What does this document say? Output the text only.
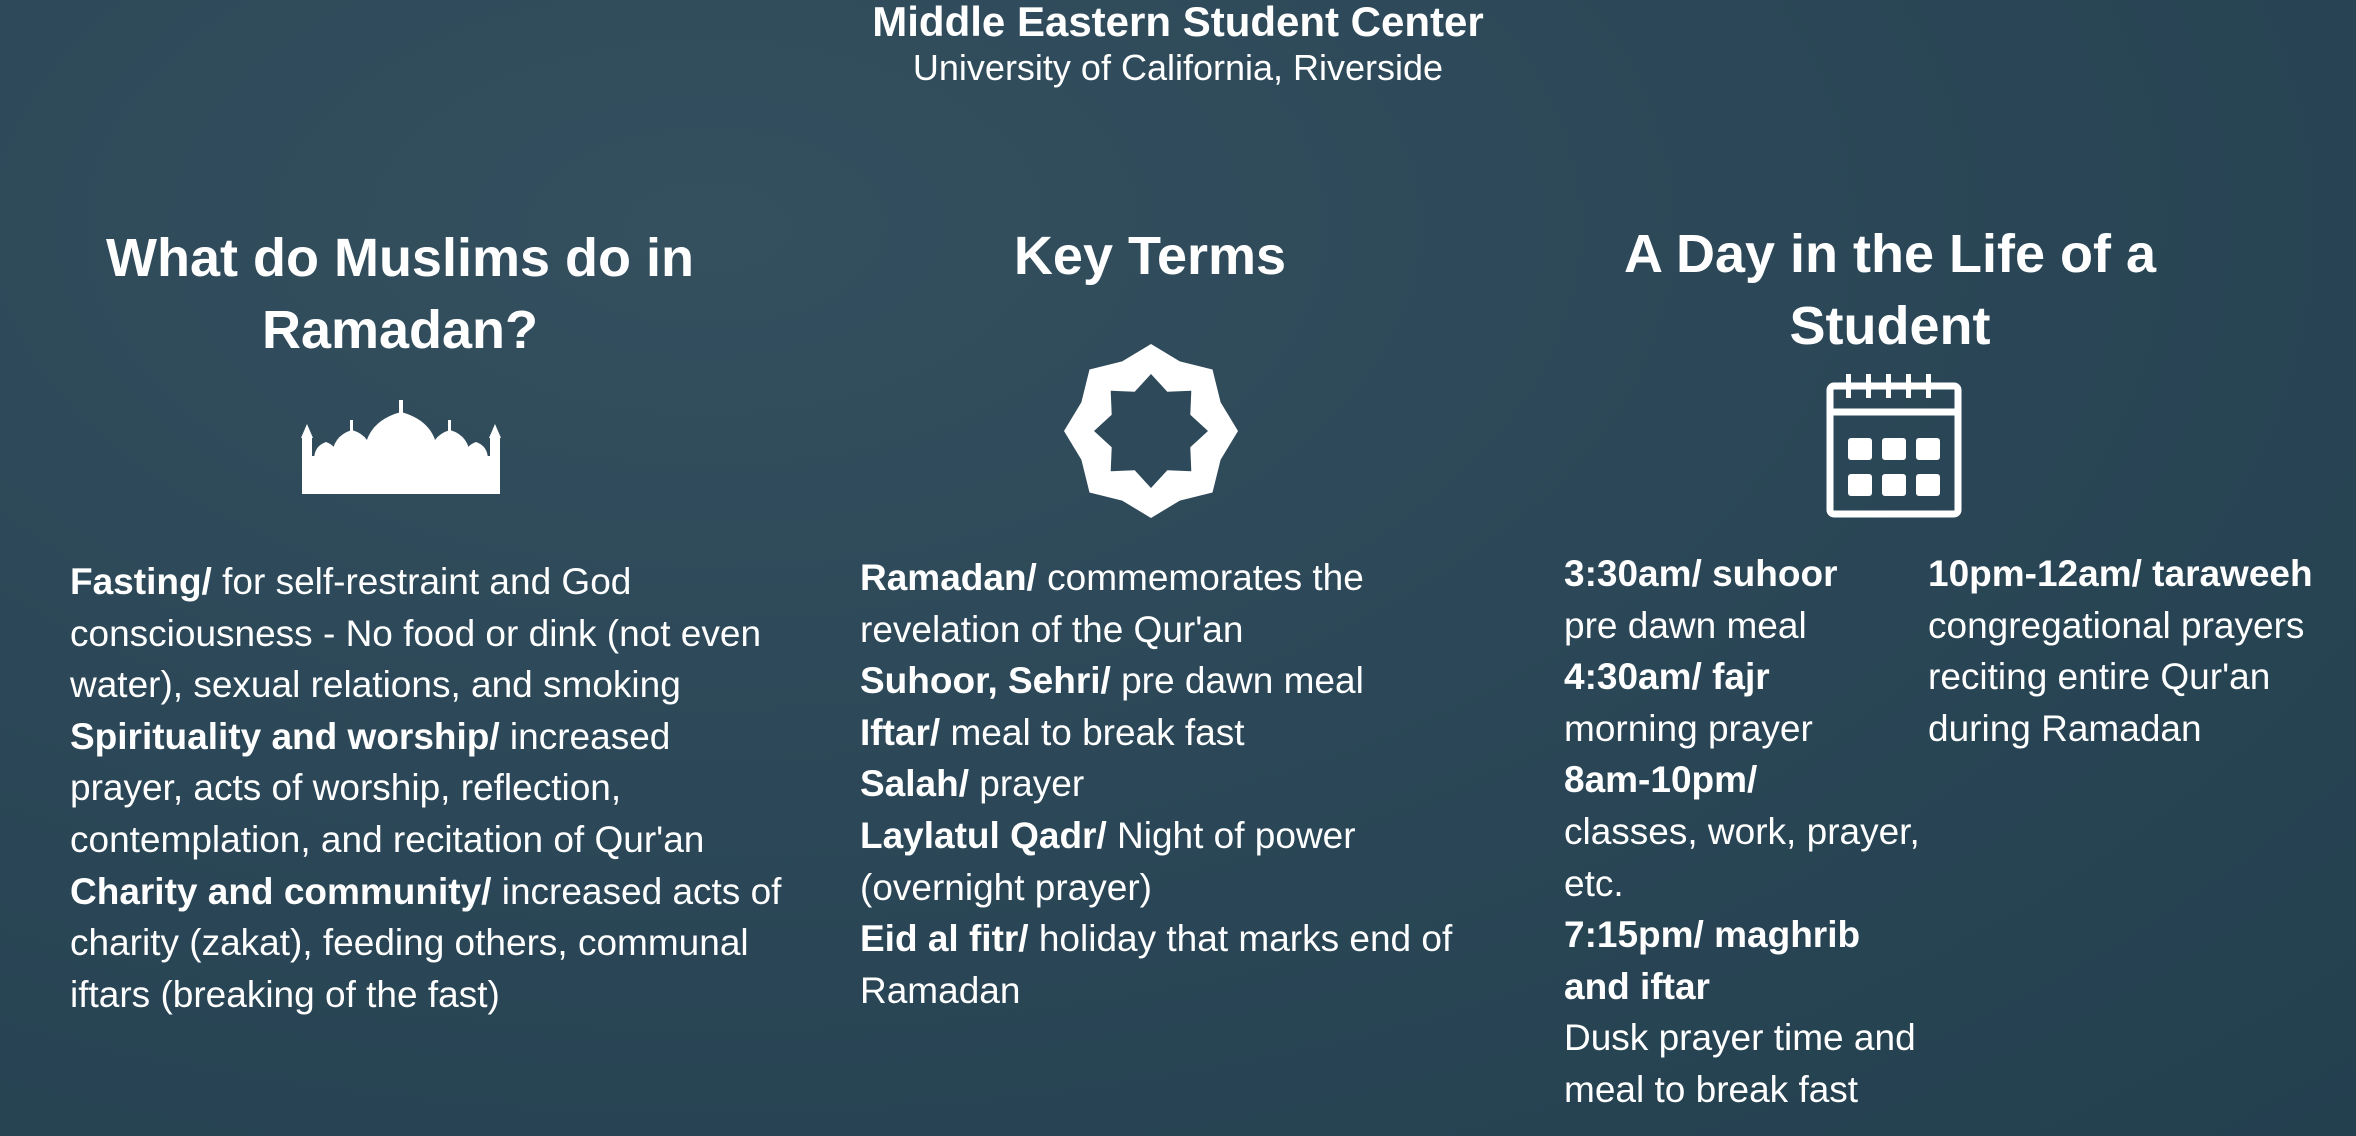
Middle Eastern Student Center
University of California, Riverside
What do Muslims do in Ramadan?
Fasting/ for self-restraint and God consciousness - No food or dink (not even water), sexual relations, and smoking
Spirituality and worship/ increased prayer, acts of worship, reflection, contemplation, and recitation of Qur'an
Charity and community/ increased acts of charity (zakat), feeding others, communal iftars (breaking of the fast)
Key Terms
Ramadan/ commemorates the revelation of the Qur'an
Suhoor, Sehri/ pre dawn meal
Iftar/ meal to break fast
Salah/ prayer
Laylatul Qadr/ Night of power (overnight prayer)
Eid al fitr/ holiday that marks end of Ramadan
A Day in the Life of a Student
3:30am/ suhoor
pre dawn meal
4:30am/ fajr
morning prayer
8am-10pm/
classes, work, prayer, etc.
7:15pm/ maghrib and iftar
Dusk prayer time and meal to break fast
10pm-12am/ taraweeh
congregational prayers reciting entire Qur'an during Ramadan
